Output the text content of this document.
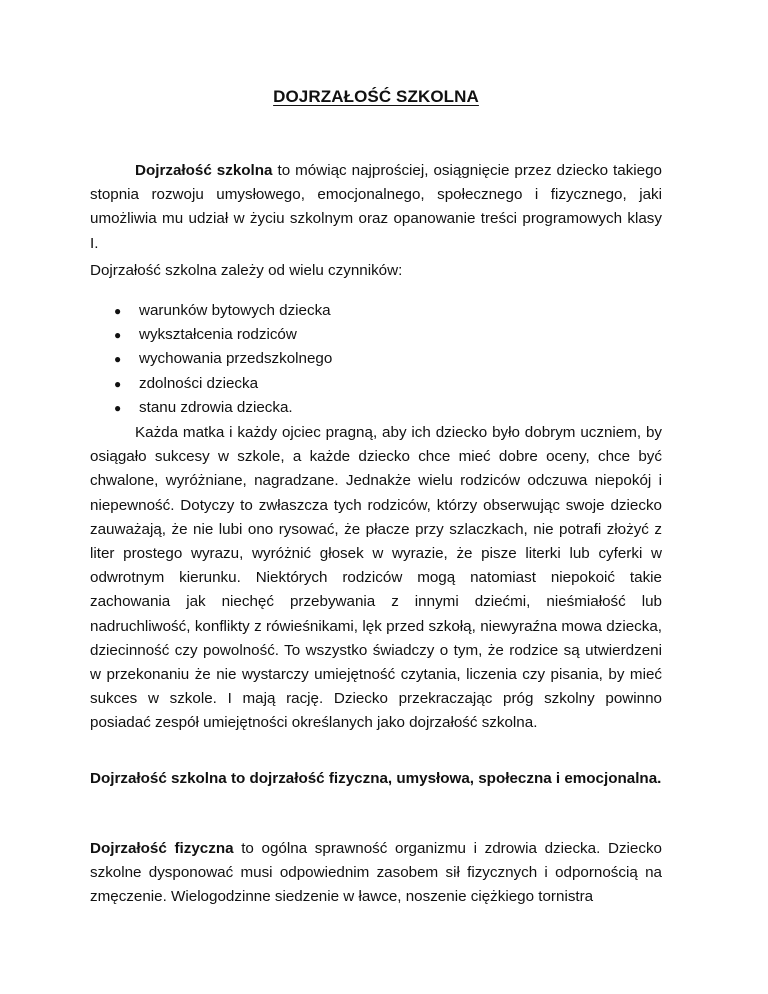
DOJRZAŁOŚĆ SZKOLNA

Dojrzałość szkolna to mówiąc najprościej, osiągnięcie przez dziecko takiego stopnia rozwoju umysłowego, emocjonalnego, społecznego i fizycznego, jaki umożliwia mu udział w życiu szkolnym oraz opanowanie treści programowych klasy I.

Dojrzałość szkolna zależy od wielu czynników:

● warunków bytowych dziecka
● wykształcenia rodziców
● wychowania przedszkolnego
● zdolności dziecka
● stanu zdrowia dziecka.

Każda matka i każdy ojciec pragną, aby ich dziecko było dobrym uczniem, by osiągało sukcesy w szkole, a każde dziecko chce mieć dobre oceny, chce być chwalone, wyróżniane, nagradzane. Jednakże wielu rodziców odczuwa niepokój i niepewność. Dotyczy to zwłaszcza tych rodziców, którzy obserwując swoje dziecko zauważają, że nie lubi ono rysować, że płacze przy szlaczkach, nie potrafi złożyć z liter prostego wyrazu, wyróżnić głosek w wyrazie, że pisze literki lub cyferki w odwrotnym kierunku. Niektórych rodziców mogą natomiast niepokoić takie zachowania jak niechęć przebywania z innymi dziećmi, nieśmiałość lub nadruchliwość, konflikty z rówieśnikami, lęk przed szkołą, niewyraźna mowa dziecka, dziecinność czy powolność. To wszystko świadczy o tym, że rodzice są utwierdzeni w przekonaniu że nie wystarczy umiejętność czytania, liczenia czy pisania, by mieć sukces w szkole. I mają rację. Dziecko przekraczając próg szkolny powinno posiadać zespół umiejętności określanych jako dojrzałość szkolna.

Dojrzałość szkolna to dojrzałość fizyczna, umysłowa, społeczna i emocjonalna.

Dojrzałość fizyczna to ogólna sprawność organizmu i zdrowia dziecka. Dziecko szkolne dysponować musi odpowiednim zasobem sił fizycznych i odpornością na zmęczenie. Wielogodzinne siedzenie w ławce, noszenie ciężkiego tornistra
